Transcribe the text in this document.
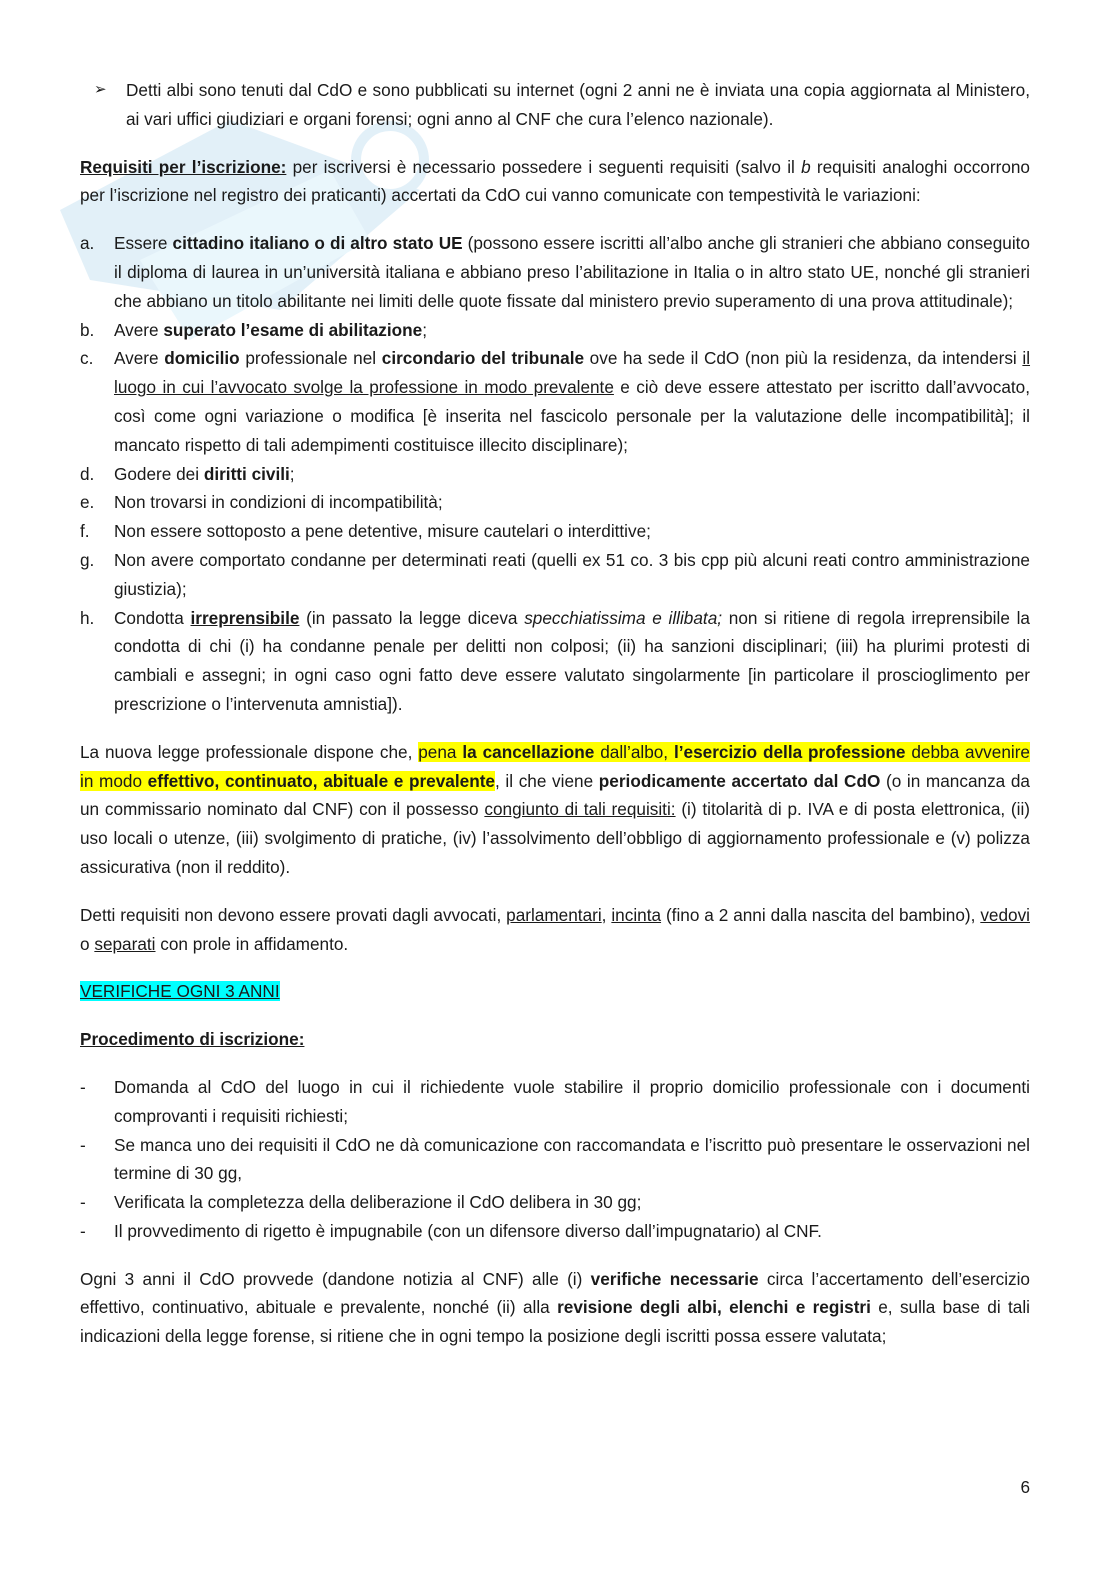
➢	Detti albi sono tenuti dal CdO e sono pubblicati su internet (ogni 2 anni ne è inviata una copia aggiornata al Ministero, ai vari uffici giudiziari e organi forensi; ogni anno al CNF che cura l’elenco nazionale).

Requisiti per l’iscrizione: per iscriversi è necessario possedere i seguenti requisiti (salvo il b requisiti analoghi occorrono per l’iscrizione nel registro dei praticanti) accertati da CdO cui vanno comunicate con tempestività le variazioni:

a.	Essere cittadino italiano o di altro stato UE (possono essere iscritti all’albo anche gli stranieri che abbiano conseguito il diploma di laurea in un’università italiana e abbiano preso l’abilitazione in Italia o in altro stato UE, nonché gli stranieri che abbiano un titolo abilitante nei limiti delle quote fissate dal ministero previo superamento di una prova attitudinale);
b.	Avere superato l’esame di abilitazione;
c.	Avere domicilio professionale nel circondario del tribunale ove ha sede il CdO (non più la residenza, da intendersi il luogo in cui l’avvocato svolge la professione in modo prevalente e ciò deve essere attestato per iscritto dall’avvocato, così come ogni variazione o modifica [è inserita nel fascicolo personale per la valutazione delle incompatibilità]; il mancato rispetto di tali adempimenti costituisce illecito disciplinare);
d.	Godere dei diritti civili;
e.	Non trovarsi in condizioni di incompatibilità;
f.	Non essere sottoposto a pene detentive, misure cautelari o interdittive;
g.	Non avere comportato condanne per determinati reati (quelli ex 51 co. 3 bis cpp più alcuni reati contro amministrazione giustizia);
h.	Condotta irreprensibile (in passato la legge diceva specchiatissima e illibata; non si ritiene di regola irreprensibile la condotta di chi (i) ha condanne penale per delitti non colposi; (ii) ha sanzioni disciplinari; (iii) ha plurimi protesti di cambiali e assegni; in ogni caso ogni fatto deve essere valutato singolarmente [in particolare il proscioglimento per prescrizione o l’intervenuta amnistia]).

La nuova legge professionale dispone che, pena la cancellazione dall’albo, l’esercizio della professione debba avvenire in modo effettivo, continuato, abituale e prevalente, il che viene periodicamente accertato dal CdO (o in mancanza da un commissario nominato dal CNF) con il possesso congiunto di tali requisiti: (i) titolarità di p. IVA e di posta elettronica, (ii) uso locali o utenze, (iii) svolgimento di pratiche, (iv) l’assolvimento dell’obbligo di aggiornamento professionale e (v) polizza assicurativa (non il reddito).

Detti requisiti non devono essere provati dagli avvocati, parlamentari, incinta (fino a 2 anni dalla nascita del bambino), vedovi o separati con prole in affidamento.

VERIFICHE OGNI 3 ANNI

Procedimento di iscrizione:

-	Domanda al CdO del luogo in cui il richiedente vuole stabilire il proprio domicilio professionale con i documenti comprovanti i requisiti richiesti;
-	Se manca uno dei requisiti il CdO ne dà comunicazione con raccomandata e l’iscritto può presentare le osservazioni nel termine di 30 gg,
-	Verificata la completezza della deliberazione il CdO delibera in 30 gg;
-	Il provvedimento di rigetto è impugnabile (con un difensore diverso dall’impugnatario) al CNF.

Ogni 3 anni il CdO provvede (dandone notizia al CNF) alle (i) verifiche necessarie circa l’accertamento dell’esercizio effettivo, continuativo, abituale e prevalente, nonché (ii) alla revisione degli albi, elenchi e registri e, sulla base di tali indicazioni della legge forense, si ritiene che in ogni tempo la posizione degli iscritti possa essere valutata;

6
